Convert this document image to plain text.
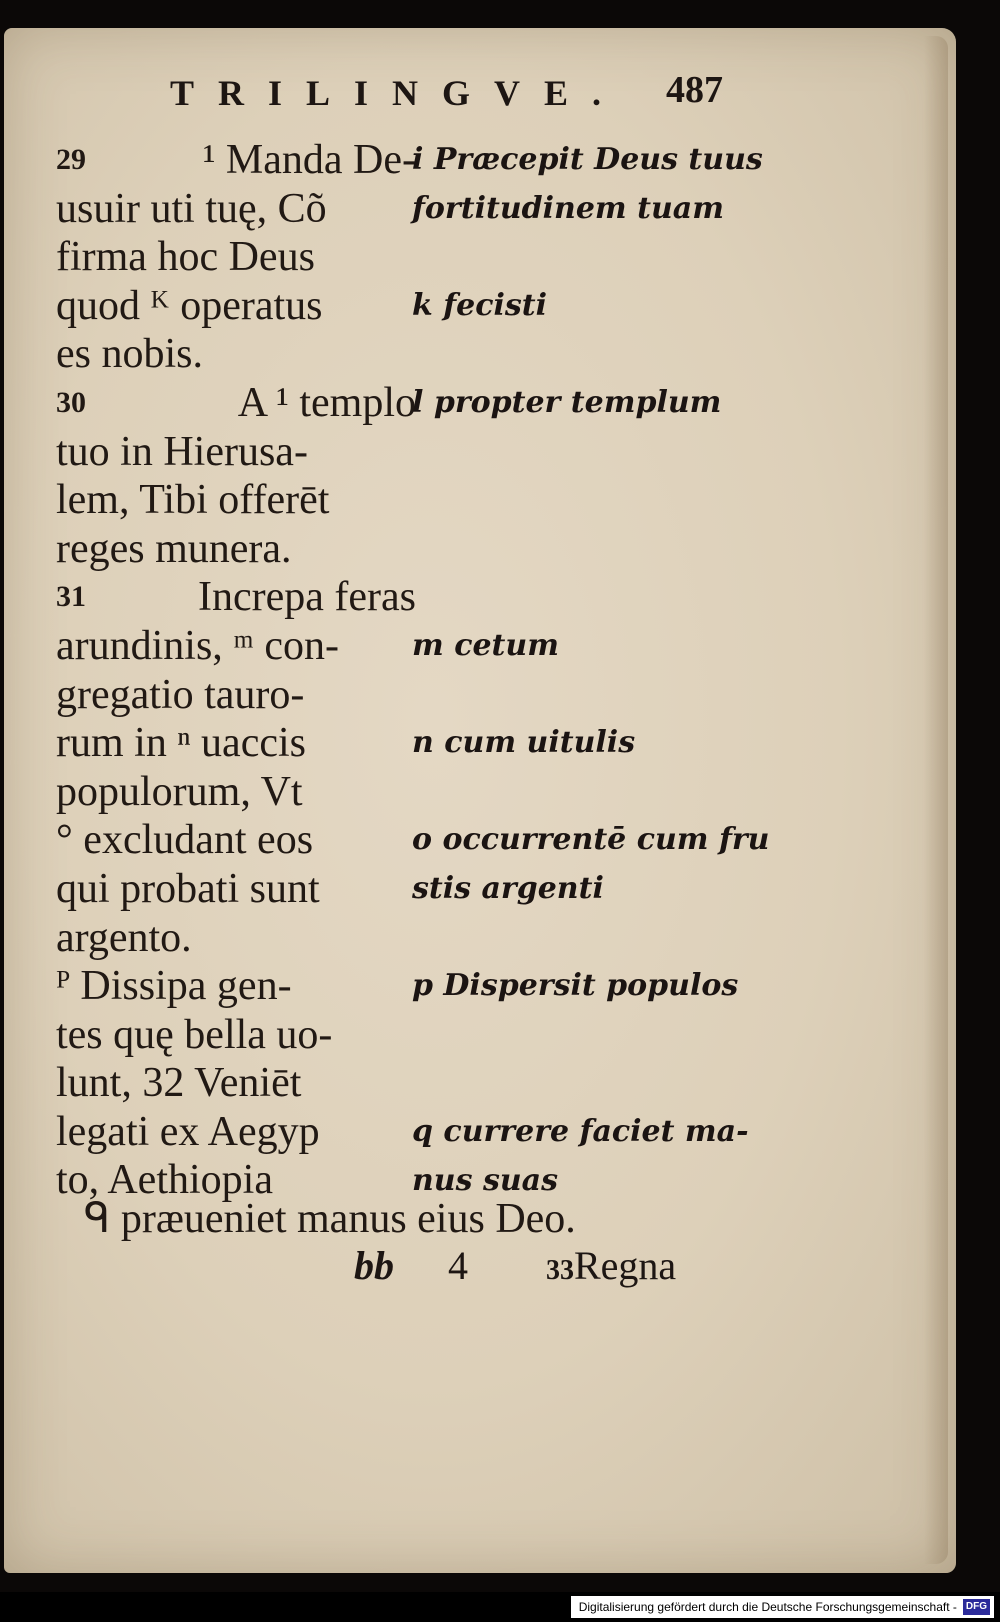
TRILINGVE. 487
29	¹ Manda De-
usuir uti tuę, Cõ
firma hoc Deus
quod ᴷ operatus
es nobis.
30	A ¹ templo
tuo in Hierusa-
lem, Tibi offerēt
reges munera.
31	Increpa feras
arundinis, ᵐ con-
gregatio tauro-
rum in ⁿ uaccis
populorum, Vt
° excludant eos
qui probati sunt
argento.
ᴾ Dissipa gen-
tes quę bella uo-
lunt, 32 Veniēt
legati ex Aegyp
to, Aethiopia
i Præcepit Deus tuus
fortitudinem tuam
k fecisti
l propter templum
m cetum
n cum uitulis
o occurrentē cum fru
stis argenti
p Dispersit populos
q currere faciet ma-
nus suas
ᑫ præueniet manus eius Deo.
bb 4	33Regna
Digitalisierung gefördert durch die Deutsche Forschungsgemeinschaft - DFG
